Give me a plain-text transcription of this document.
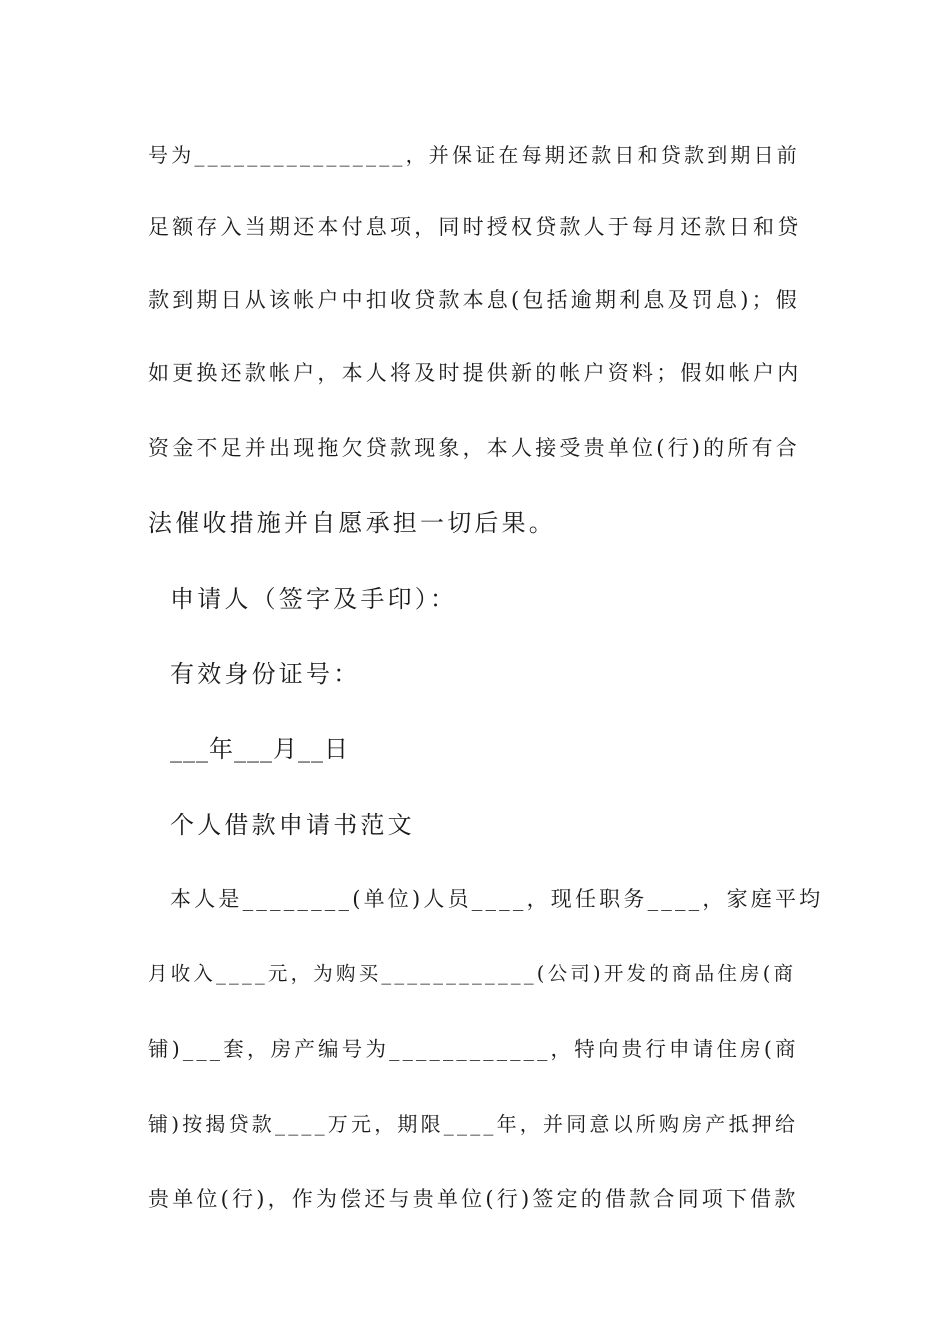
号为________________，并保证在每期还款日和贷款到期日前
足额存入当期还本付息项，同时授权贷款人于每月还款日和贷
款到期日从该帐户中扣收贷款本息(包括逾期利息及罚息)；假
如更换还款帐户，本人将及时提供新的帐户资料；假如帐户内
资金不足并出现拖欠贷款现象，本人接受贵单位(行)的所有合
法催收措施并自愿承担一切后果。
申请人（签字及手印）：
有效身份证号：
___年___月__日
个人借款申请书范文
本人是________(单位)人员____，现任职务____，家庭平均
月收入____元，为购买____________(公司)开发的商品住房(商
铺)___套，房产编号为____________，特向贵行申请住房(商
铺)按揭贷款____万元，期限____年，并同意以所购房产抵押给
贵单位(行)，作为偿还与贵单位(行)签定的借款合同项下借款
